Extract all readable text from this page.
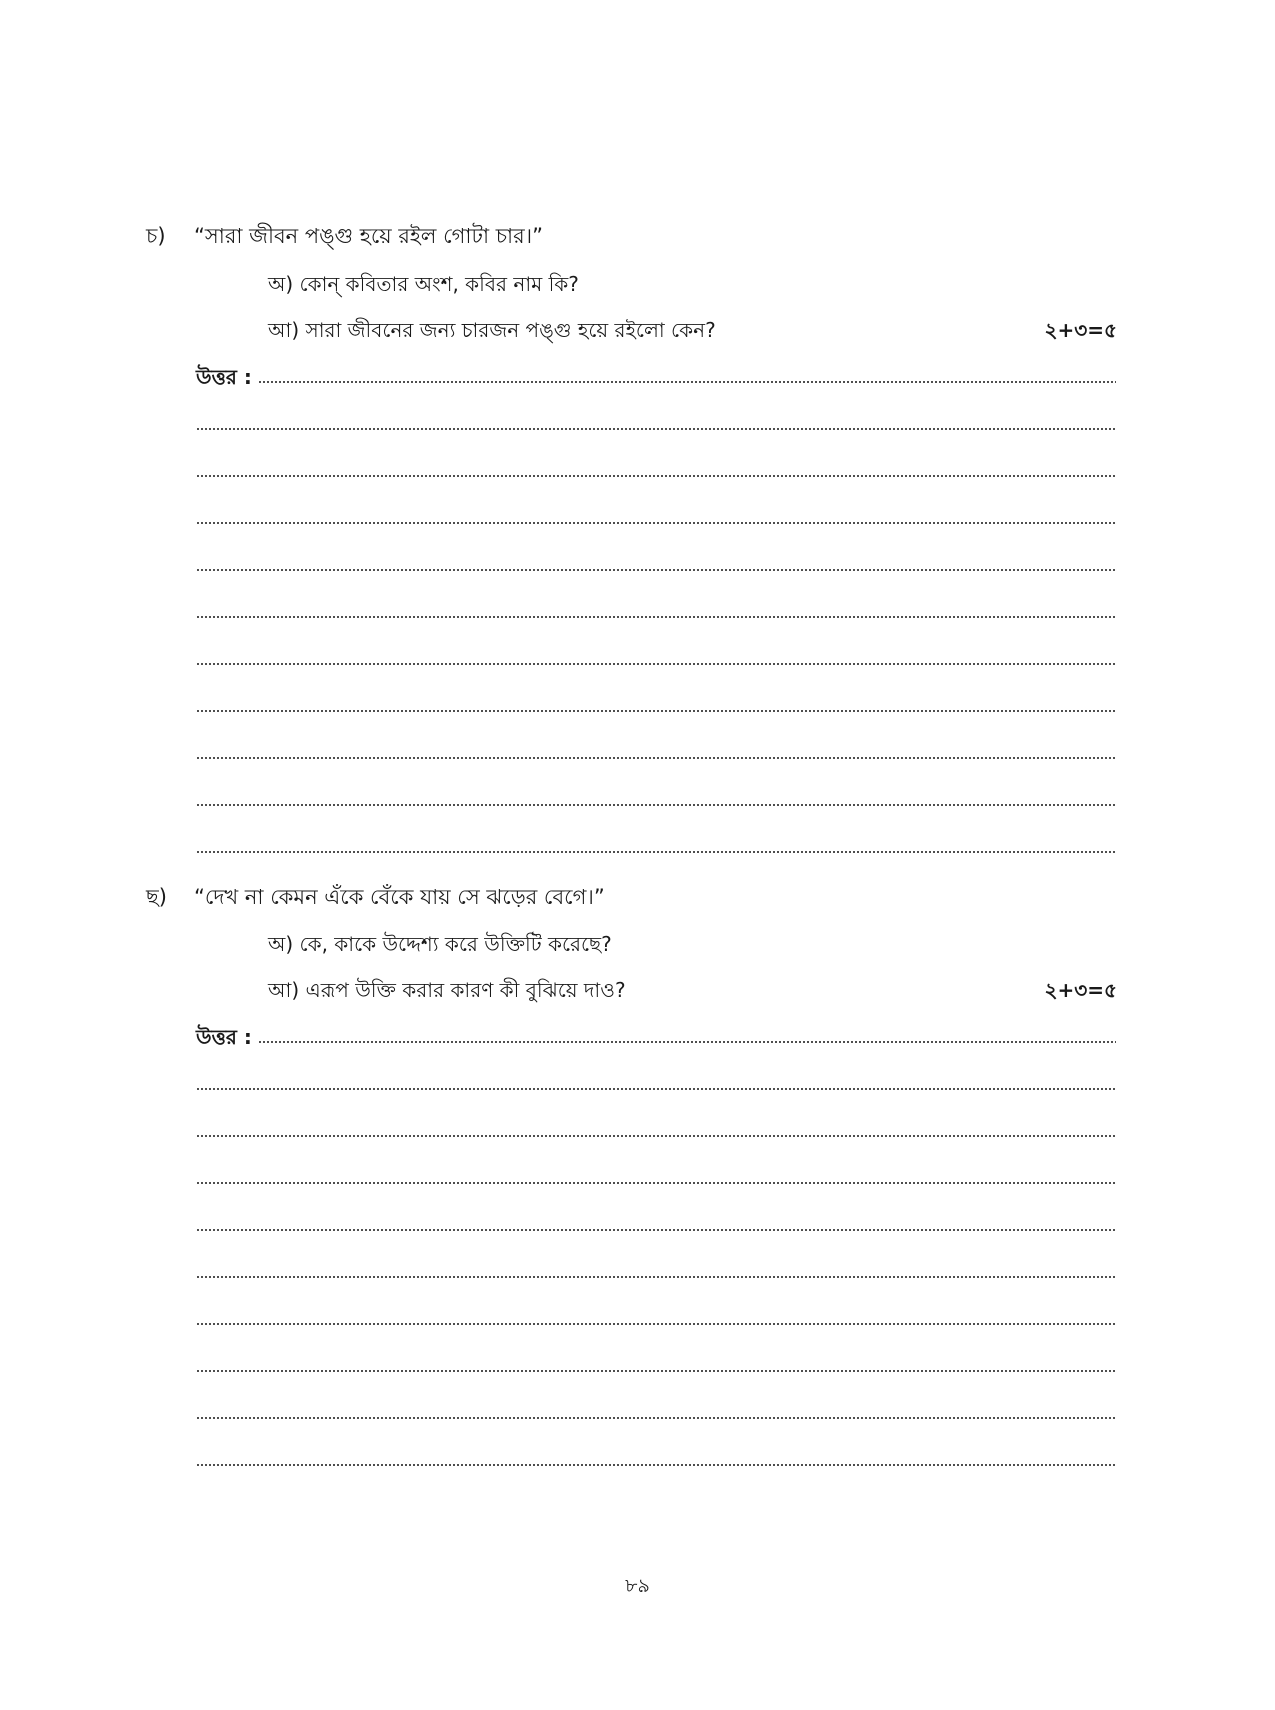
চ) “সারা জীবন পঙ্গু হয়ে রইল গোটা চার।”
অ) কোন্ কবিতার অংশ, কবির নাম কি?
আ) সারা জীবনের জন্য চারজন পঙ্গু হয়ে রইলো কেন?	২+৩=৫
উত্তর :
ছ) “দেখ না কেমন এঁকে বেঁকে যায় সে ঝড়ের বেগে।”
অ) কে, কাকে উদ্দেশ্য করে উক্তিটি করেছে?
আ) এরূপ উক্তি করার কারণ কী বুঝিয়ে দাও?	২+৩=৫
উত্তর :
৮৯
